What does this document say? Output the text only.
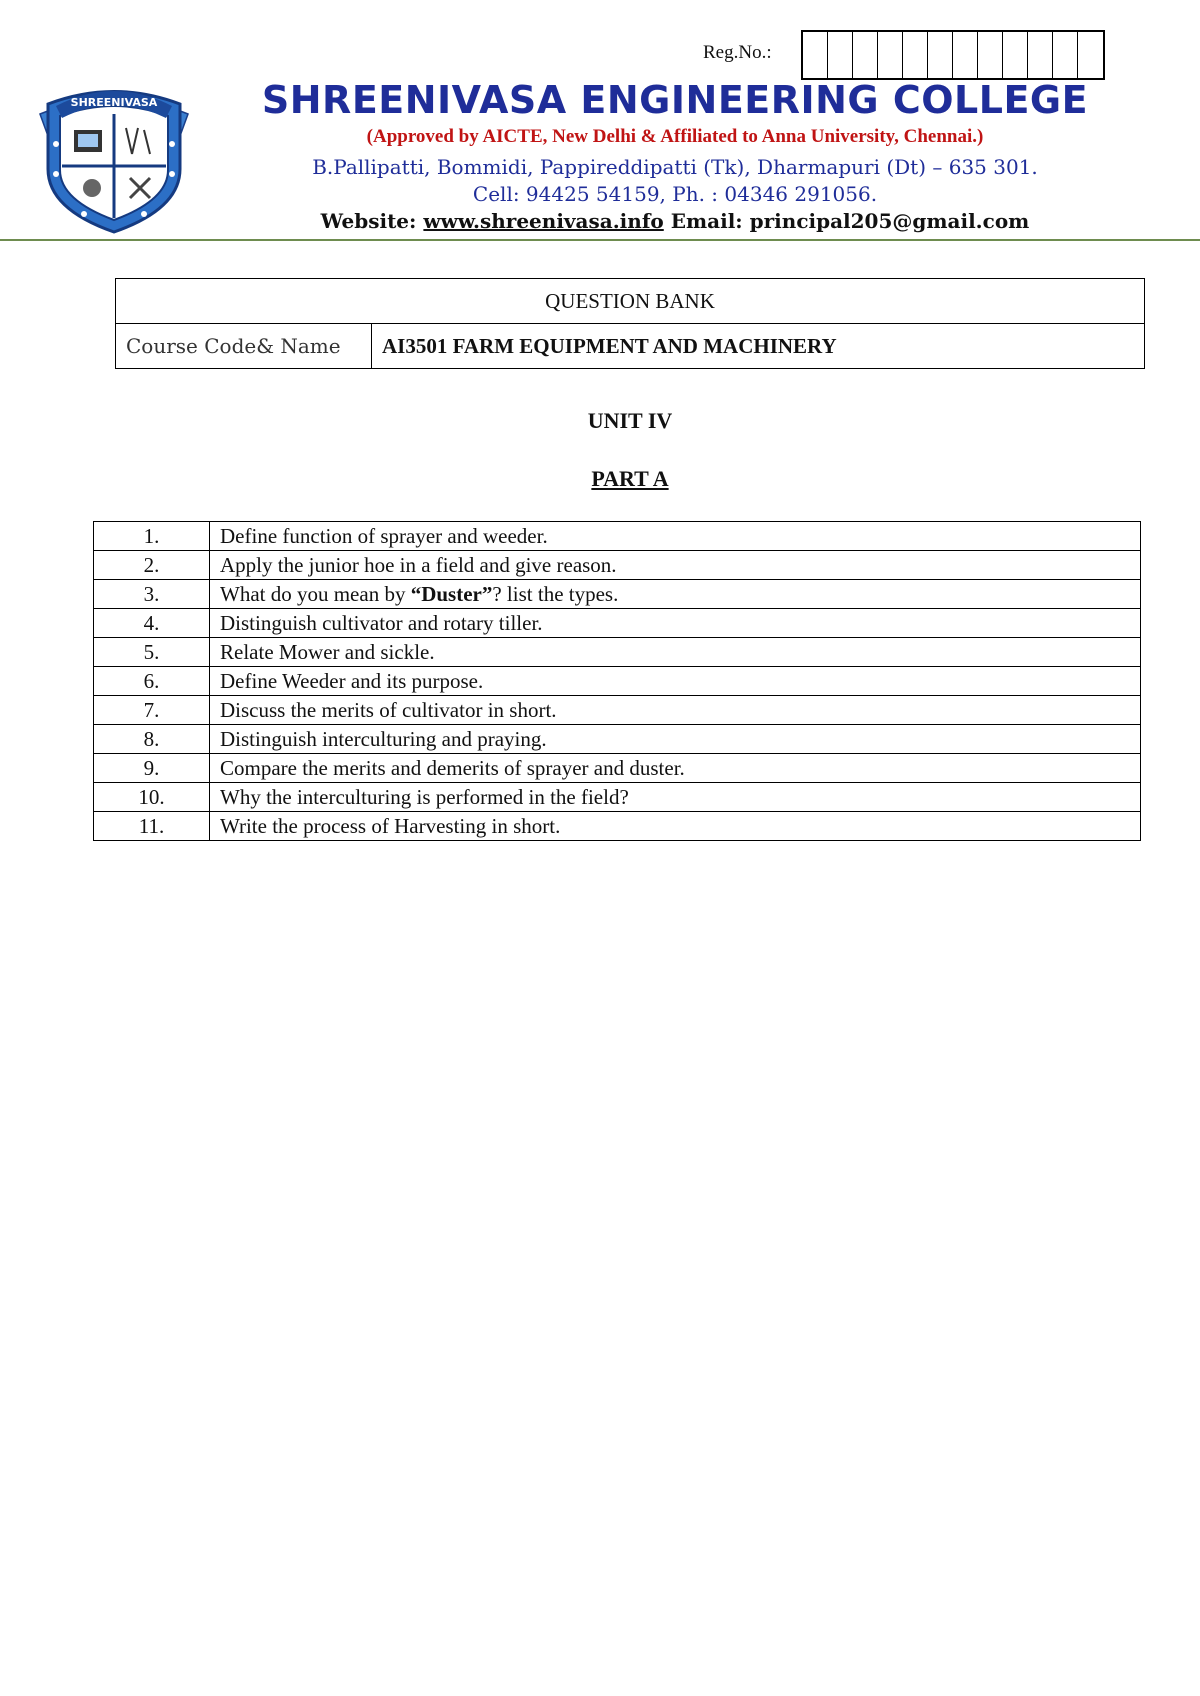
Reg.No.:
SHREENIVASA	SHREENIVASA ENGINEERING COLLEGE
(Approved by AICTE, New Delhi & Affiliated to Anna University, Chennai.)
B.Pallipatti, Bommidi, Pappireddipatti (Tk), Dharmapuri (Dt) – 635 301.
Cell: 94425 54159, Ph. : 04346 291056.
Website: www.shreenivasa.info Email: principal205@gmail.com
QUESTION BANK
Course Code& Name	AI3501 FARM EQUIPMENT AND MACHINERY
UNIT IV
PART A
1.	Define function of sprayer and weeder.
2.	Apply the junior hoe in a field and give reason.
3.	What do you mean by “Duster”? list the types.
4.	Distinguish cultivator and rotary tiller.
5.	Relate Mower and sickle.
6.	Define Weeder and its purpose.
7.	Discuss the merits of cultivator in short.
8.	Distinguish interculturing and praying.
9.	Compare the merits and demerits of sprayer and duster.
10.	Why the interculturing is performed in the field?
11.	Write the process of Harvesting in short.
